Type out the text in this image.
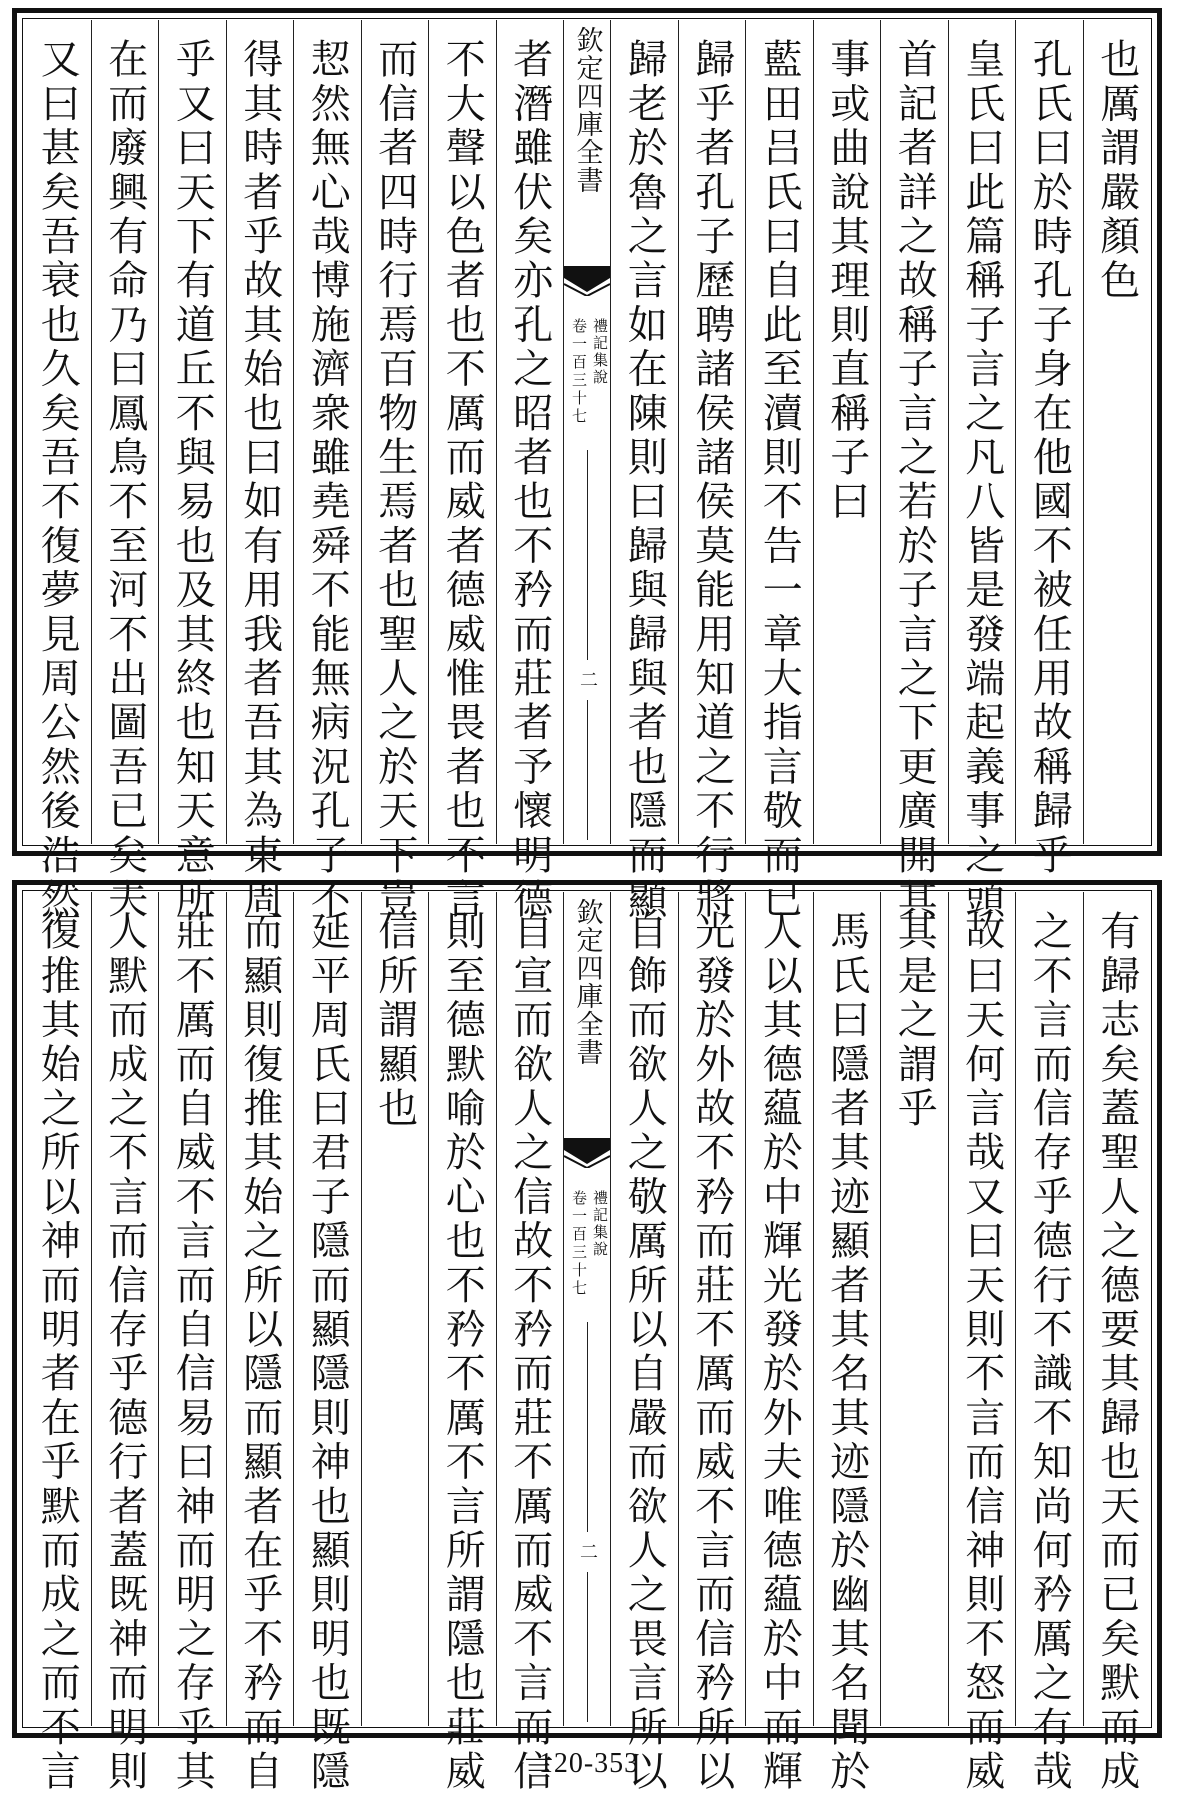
也厲謂嚴顏色
孔氏曰於時孔子身在他國不被任用故稱歸乎
皇氏曰此篇稱子言之凡八皆是發端起義事之頭
首記者詳之故稱子言之若於子言之下更廣開其
事或曲說其理則直稱子曰
藍田吕氏曰自此至瀆則不告一章大指言敬而已
歸乎者孔子歷聘諸侯諸侯莫能用知道之不行將
歸老於魯之言如在陳則曰歸與歸與者也隱而顯
欽定四庫全書
禮記集說
卷一百三十七
二
者潛雖伏矣亦孔之昭者也不矜而莊者予懷明德
不大聲以色者也不厲而威者德威惟畏者也不言
而信者四時行焉百物生焉者也聖人之於天下豈
恝然無心哉博施濟衆雖堯舜不能無病況孔子不
得其時者乎故其始也曰如有用我者吾其為東周
乎又曰天下有道丘不與易也及其終也知天意所
在而廢興有命乃曰鳳鳥不至河不出圖吾已矣夫
又曰甚矣吾衰也久矣吾不復夢見周公然後浩然
有歸志矣蓋聖人之德要其歸也天而已矣默而成
之不言而信存乎德行不識不知尚何矜厲之有哉
故曰天何言哉又曰天則不言而信神則不怒而威
其是之謂乎
馬氏曰隱者其迹顯者其名其迹隱於幽其名聞於
人以其德藴於中輝光發於外夫唯德藴於中而輝
光發於外故不矜而莊不厲而威不言而信矜所以
自飾而欲人之敬厲所以自嚴而欲人之畏言所以
欽定四庫全書
禮記集說
卷一百三十七
二
自宣而欲人之信故不矜而莊不厲而威不言而信
則至德默喻於心也不矜不厲不言所謂隱也莊威
信所謂顯也
延平周氏曰君子隱而顯隱則神也顯則明也既隱
而顯則復推其始之所以隱而顯者在乎不矜而自
莊不厲而自威不言而自信易曰神而明之存乎其
人默而成之不言而信存乎德行者蓋既神而明則
復推其始之所以神而明者在乎默而成之而不言	120-353
